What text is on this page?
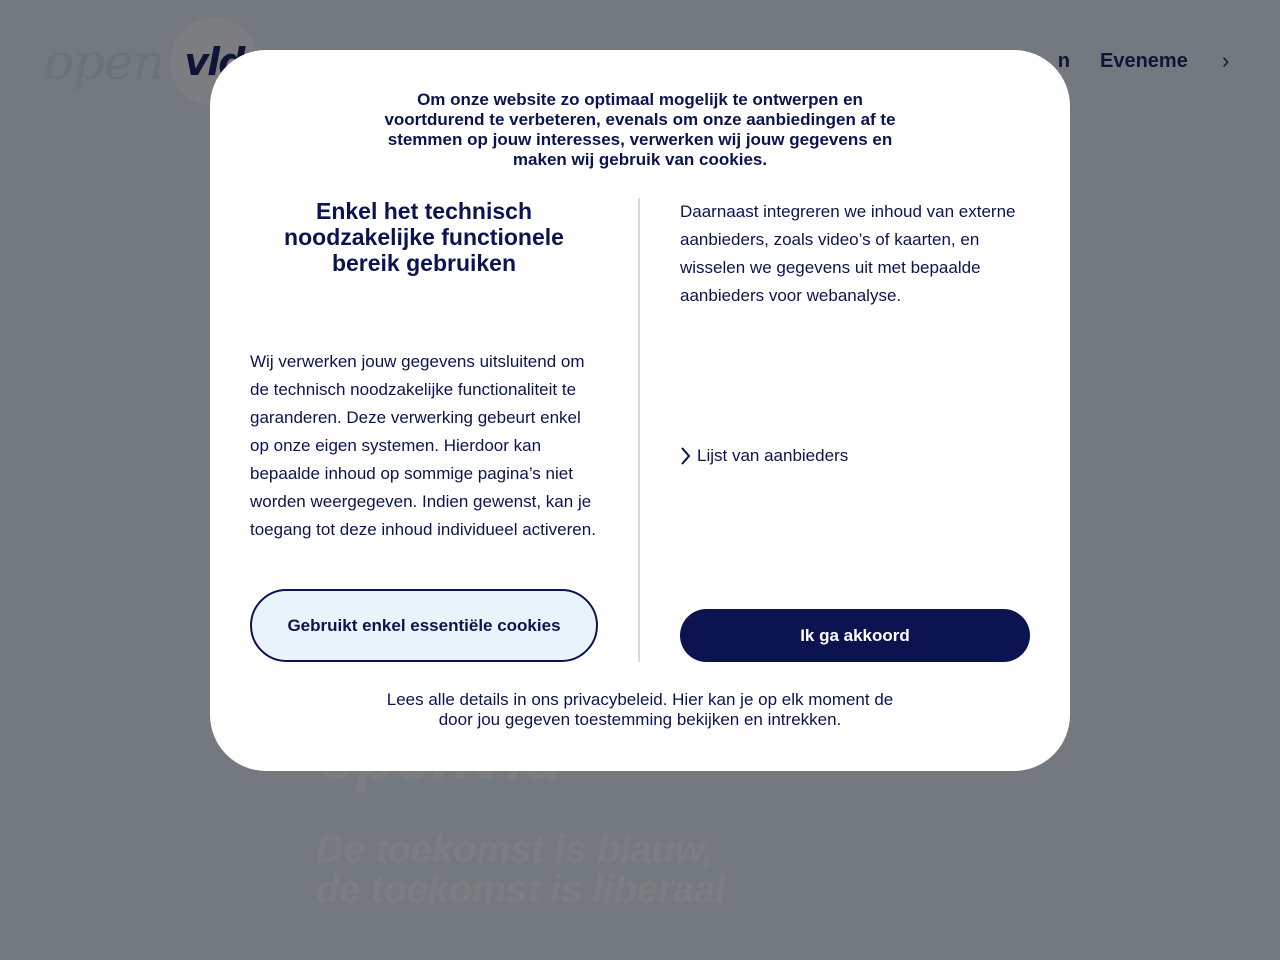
Om onze website zo optimaal mogelijk te ontwerpen en voortdurend te verbeteren, evenals om onze aanbiedingen af te stemmen op jouw interesses, verwerken wij jouw gegevens en maken wij gebruik van cookies.

Enkel het technisch noodzakelijke functionele bereik gebruiken

Wij verwerken jouw gegevens uitsluitend om de technisch noodzakelijke functionaliteit te garanderen. Deze verwerking gebeurt enkel op onze eigen systemen. Hierdoor kan bepaalde inhoud op sommige pagina’s niet worden weergegeven. Indien gewenst, kan je toegang tot deze inhoud individueel activeren.

Gebruikt enkel essentiële cookies

Daarnaast integreren we inhoud van externe aanbieders, zoals video’s of kaarten, en wisselen we gegevens uit met bepaalde aanbieders voor webanalyse.

Lijst van aanbieders
Ik ga akkoord

Lees alle details in ons privacybeleid. Hier kan je op elk moment de door jou gegeven toestemming bekijken en intrekken.
